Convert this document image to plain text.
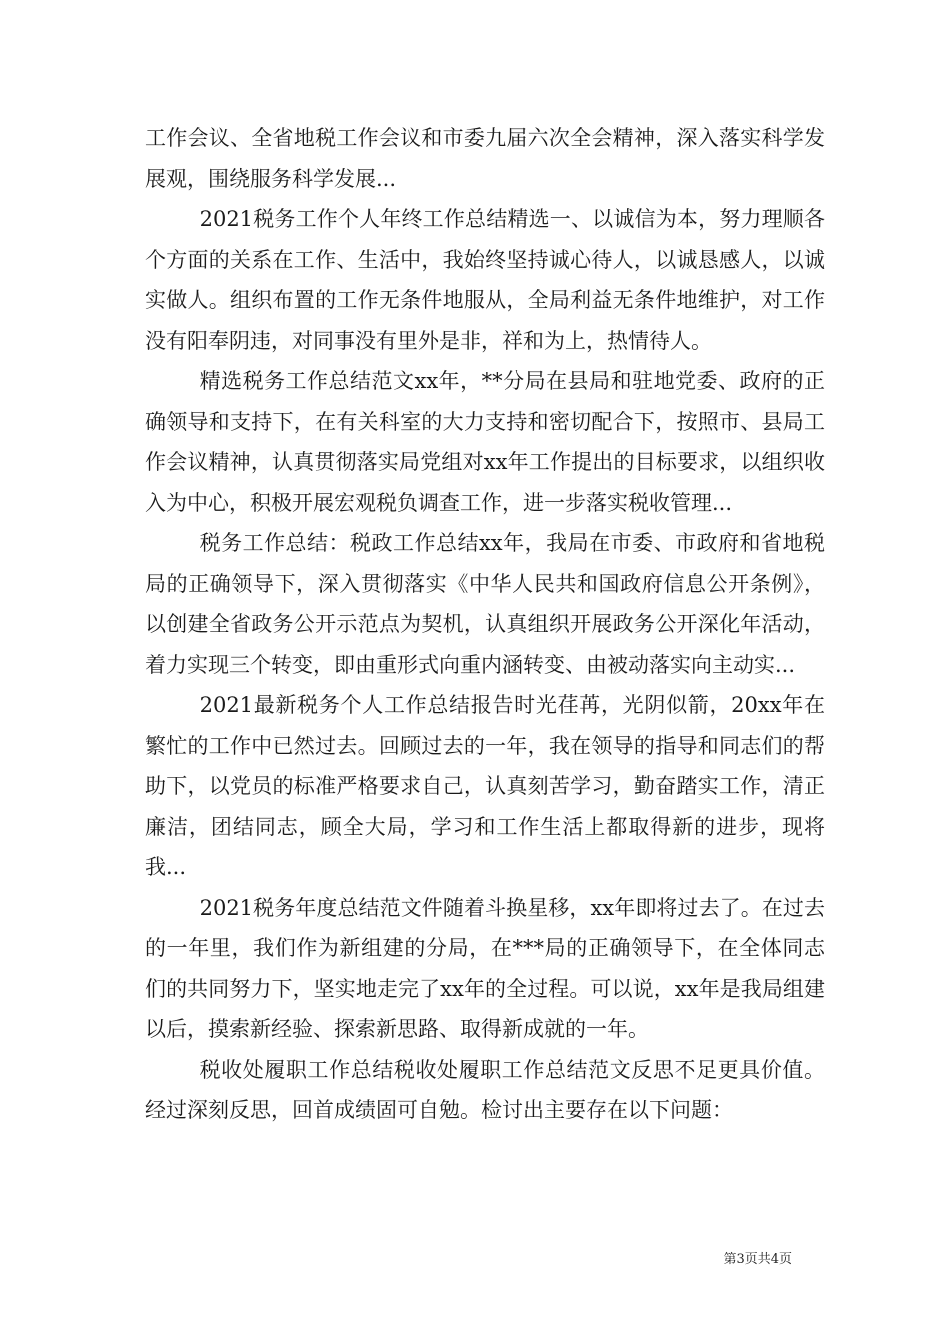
工作会议、全省地税工作会议和市委九届六次全会精神，深入落实科学发展观，围绕服务科学发展...

2021税务工作个人年终工作总结精选一、以诚信为本，努力理顺各个方面的关系在工作、生活中，我始终坚持诚心待人，以诚恳感人，以诚实做人。组织布置的工作无条件地服从，全局利益无条件地维护，对工作没有阳奉阴违，对同事没有里外是非，祥和为上，热情待人。

精选税务工作总结范文xx年，**分局在县局和驻地党委、政府的正确领导和支持下，在有关科室的大力支持和密切配合下，按照市、县局工作会议精神，认真贯彻落实局党组对xx年工作提出的目标要求，以组织收入为中心，积极开展宏观税负调查工作，进一步落实税收管理...

税务工作总结：税政工作总结xx年，我局在市委、市政府和省地税局的正确领导下，深入贯彻落实《中华人民共和国政府信息公开条例》，以创建全省政务公开示范点为契机，认真组织开展政务公开深化年活动，着力实现三个转变，即由重形式向重内涵转变、由被动落实向主动实...

2021最新税务个人工作总结报告时光荏苒，光阴似箭，20xx年在繁忙的工作中已然过去。回顾过去的一年，我在领导的指导和同志们的帮助下，以党员的标准严格要求自己，认真刻苦学习，勤奋踏实工作，清正廉洁，团结同志，顾全大局，学习和工作生活上都取得新的进步，现将我...

2021税务年度总结范文件随着斗换星移，xx年即将过去了。在过去的一年里，我们作为新组建的分局，在***局的正确领导下，在全体同志们的共同努力下，坚实地走完了xx年的全过程。可以说，xx年是我局组建以后，摸索新经验、探索新思路、取得新成就的一年。

税收处履职工作总结税收处履职工作总结范文反思不足更具价值。经过深刻反思，回首成绩固可自勉。检讨出主要存在以下问题：

第3页共4页
